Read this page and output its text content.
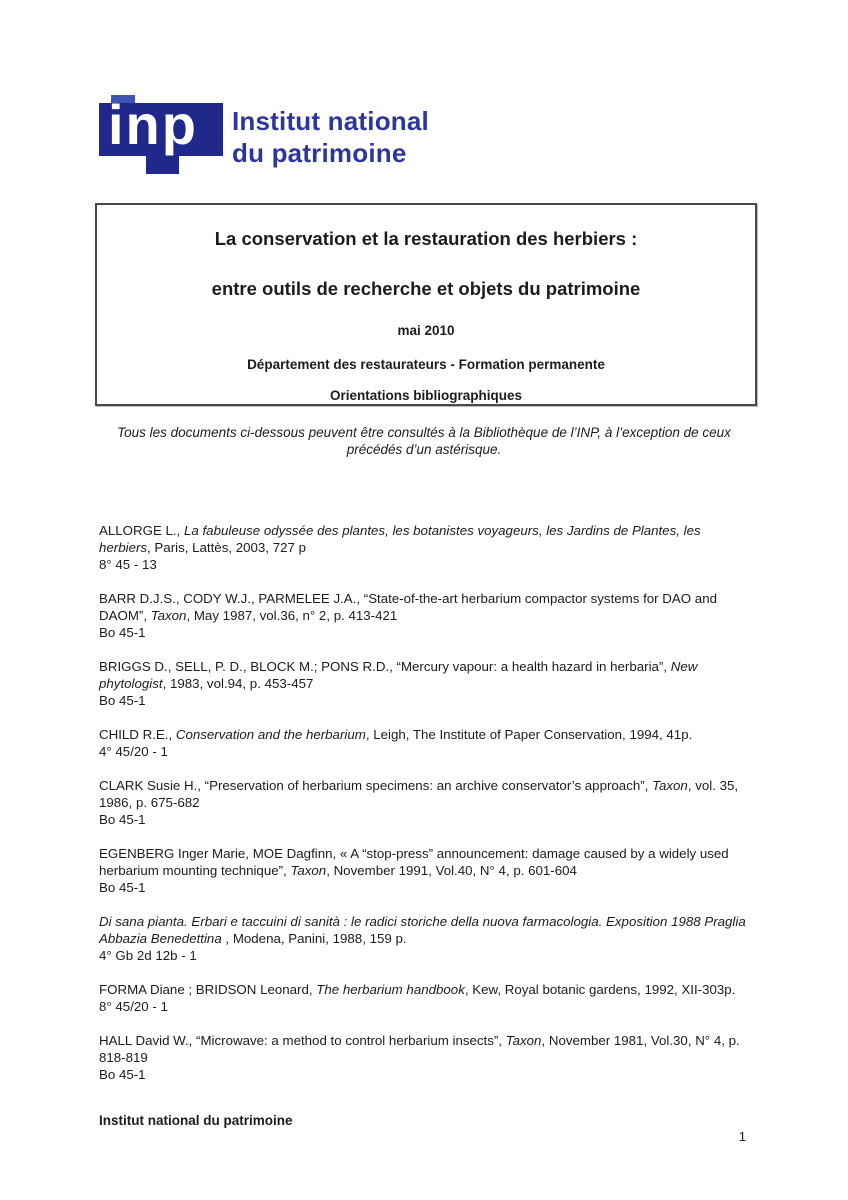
inp Institut national
du patrimoine
La conservation et la restauration des herbiers :
entre outils de recherche et objets du patrimoine
mai 2010
Département des restaurateurs - Formation permanente
Orientations bibliographiques
Tous les documents ci-dessous peuvent être consultés à la Bibliothèque de l’INP, à l’exception de ceux précédés d’un astérisque.
ALLORGE L., La fabuleuse odyssée des plantes, les botanistes voyageurs, les Jardins de Plantes, les herbiers, Paris, Lattès, 2003, 727 p
8° 45 - 13
BARR D.J.S., CODY W.J., PARMELEE J.A., “State-of-the-art herbarium compactor systems for DAO and DAOM”, Taxon, May 1987, vol.36, n° 2, p. 413-421
Bo 45-1
BRIGGS D., SELL, P. D., BLOCK M.; PONS R.D., “Mercury vapour: a health hazard in herbaria”, New phytologist, 1983, vol.94, p. 453-457
Bo 45-1
CHILD R.E., Conservation and the herbarium, Leigh, The Institute of Paper Conservation, 1994, 41p.
4° 45/20 - 1
CLARK Susie H., “Preservation of herbarium specimens: an archive conservator’s approach”, Taxon, vol. 35, 1986, p. 675-682
Bo 45-1
EGENBERG Inger Marie, MOE Dagfinn, « A “stop-press” announcement: damage caused by a widely used herbarium mounting technique”, Taxon, November 1991, Vol.40, N° 4, p. 601-604
Bo 45-1
Di sana pianta. Erbari e taccuini di sanità : le radici storiche della nuova farmacologia. Exposition 1988 Praglia Abbazia Benedettina , Modena, Panini, 1988, 159 p.
4° Gb 2d 12b - 1
FORMA Diane ; BRIDSON Leonard, The herbarium handbook, Kew, Royal botanic gardens, 1992, XII-303p.
8° 45/20 - 1
HALL David W., “Microwave: a method to control herbarium insects”, Taxon, November 1981, Vol.30, N° 4, p. 818-819
Bo 45-1
Institut national du patrimoine
1
